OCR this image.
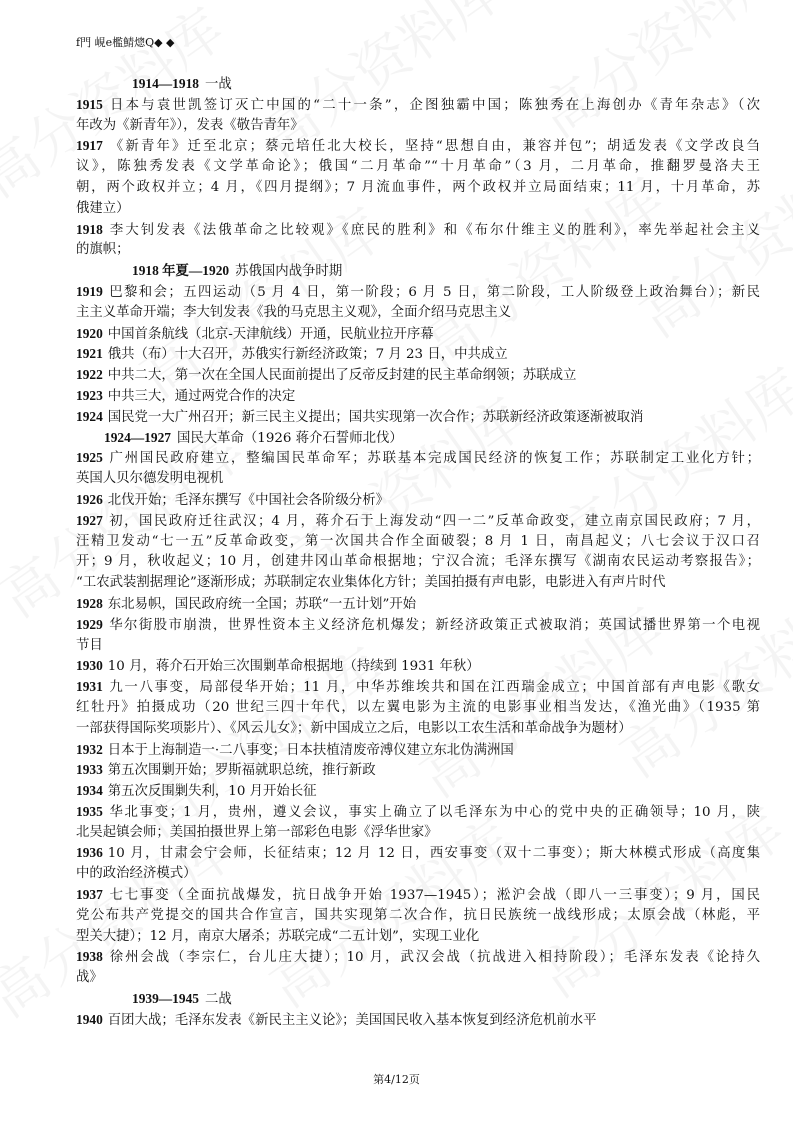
f門 峴e檻鯖熜Q◆ ◆
1914—1918 一战
1915 日本与袁世凯签订灭亡中国的“二十一条”，企图独霸中国；陈独秀在上海创办《青年杂志》（次
年改为《新青年》），发表《敬告青年》
1917 《新青年》迁至北京；蔡元培任北大校长，坚持“思想自由，兼容并包”；胡适发表《文学改良刍
议》，陈独秀发表《文学革命论》；俄国“二月革命”“十月革命”（3 月，二月革命，推翻罗曼洛夫王
朝，两个政权并立；4 月，《四月提纲》；7 月流血事件，两个政权并立局面结束；11 月，十月革命，苏
俄建立）
1918 李大钊发表《法俄革命之比较观》《庶民的胜利》和《布尔什维主义的胜利》，率先举起社会主义
的旗帜；
1918 年夏—1920 苏俄国内战争时期
1919 巴黎和会；五四运动（5 月 4 日，第一阶段；6 月 5 日，第二阶段，工人阶级登上政治舞台）；新民
主主义革命开端；李大钊发表《我的马克思主义观》，全面介绍马克思主义
1920 中国首条航线（北京-天津航线）开通，民航业拉开序幕
1921 俄共（布）十大召开，苏俄实行新经济政策；7 月 23 日，中共成立
1922 中共二大，第一次在全国人民面前提出了反帝反封建的民主革命纲领；苏联成立
1923 中共三大，通过两党合作的决定
1924 国民党一大广州召开；新三民主义提出；国共实现第一次合作；苏联新经济政策逐渐被取消
1924—1927 国民大革命（1926 蒋介石誓师北伐）
1925 广州国民政府建立，整编国民革命军；苏联基本完成国民经济的恢复工作；苏联制定工业化方针；
英国人贝尔德发明电视机
1926 北伐开始；毛泽东撰写《中国社会各阶级分析》
1927 初，国民政府迁往武汉；4 月，蒋介石于上海发动“四一二”反革命政变，建立南京国民政府；7 月，
汪精卫发动“七一五”反革命政变，第一次国共合作全面破裂；8 月 1 日，南昌起义；八七会议于汉口召
开；9 月，秋收起义；10 月，创建井冈山革命根据地；宁汉合流；毛泽东撰写《湖南农民运动考察报告》；
“工农武装割据理论”逐渐形成；苏联制定农业集体化方针；美国拍摄有声电影，电影进入有声片时代
1928 东北易帜，国民政府统一全国；苏联“一五计划”开始
1929 华尔街股市崩溃，世界性资本主义经济危机爆发；新经济政策正式被取消；英国试播世界第一个电视
节目
1930 10 月，蒋介石开始三次围剿革命根据地（持续到 1931 年秋）
1931 九一八事变，局部侵华开始；11 月，中华苏维埃共和国在江西瑞金成立；中国首部有声电影《歌女
红牡丹》拍摄成功（20 世纪三四十年代，以左翼电影为主流的电影事业相当发达，《渔光曲》（1935 第
一部获得国际奖项影片）、《风云儿女》；新中国成立之后，电影以工农生活和革命战争为题材）
1932 日本于上海制造一·二八事变；日本扶植清废帝溥仪建立东北伪满洲国
1933 第五次围剿开始；罗斯福就职总统，推行新政
1934 第五次反围剿失利，10 月开始长征
1935 华北事变；1 月，贵州，遵义会议，事实上确立了以毛泽东为中心的党中央的正确领导；10 月，陕
北吴起镇会师；美国拍摄世界上第一部彩色电影《浮华世家》
1936 10 月，甘肃会宁会师，长征结束；12 月 12 日，西安事变（双十二事变）；斯大林模式形成（高度集
中的政治经济模式）
1937 七七事变（全面抗战爆发，抗日战争开始 1937—1945）；淞沪会战（即八一三事变）；9 月，国民
党公布共产党提交的国共合作宣言，国共实现第二次合作，抗日民族统一战线形成；太原会战（林彪，平
型关大捷）；12 月，南京大屠杀；苏联完成“二五计划”，实现工业化
1938 徐州会战（李宗仁，台儿庄大捷）；10 月，武汉会战（抗战进入相持阶段）；毛泽东发表《论持久
战》
1939—1945 二战
1940 百团大战；毛泽东发表《新民主主义论》；美国国民收入基本恢复到经济危机前水平
第4/12页
